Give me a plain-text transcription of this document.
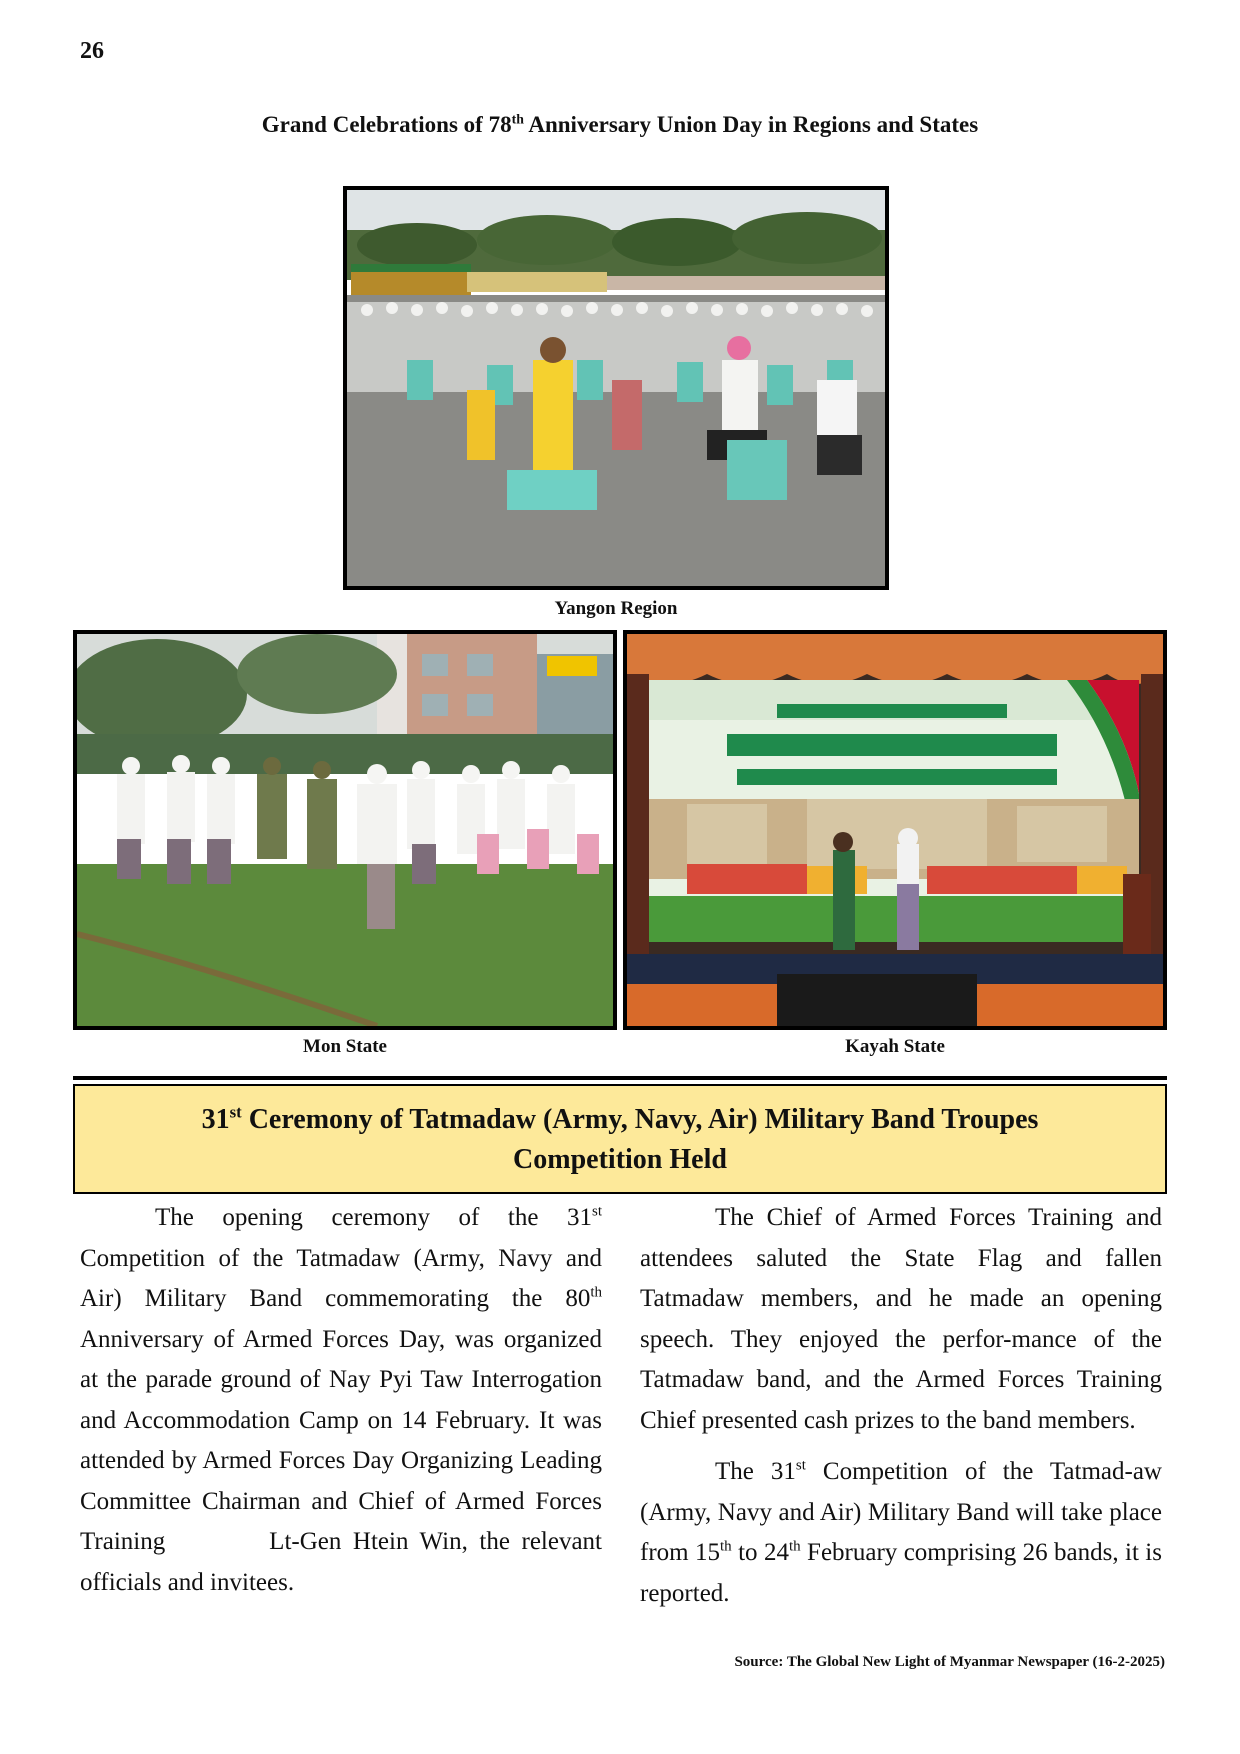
26
Grand Celebrations of 78th Anniversary Union Day in Regions and States
Yangon Region
Mon State	Kayah State
31st Ceremony of Tatmadaw (Army, Navy, Air) Military Band Troupes
Competition Held

The opening ceremony of the 31st Competition of the Tatmadaw (Army, Navy and Air) Military Band commemorating the 80th Anniversary of Armed Forces Day, was organized at the parade ground of Nay Pyi Taw Interrogation and Accommodation Camp on 14 February. It was attended by Armed Forces Day Organizing Leading Committee Chairman and Chief of Armed Forces Training         Lt-Gen Htein Win, the relevant officials and invitees.

The Chief of Armed Forces Training and attendees saluted the State Flag and fallen Tatmadaw members, and he made an opening speech. They enjoyed the perfor-mance of the Tatmadaw band, and the Armed Forces Training Chief presented cash prizes to the band members.

The 31st Competition of the Tatmad-aw (Army, Navy and Air) Military Band will take place from 15th to 24th February comprising 26 bands, it is reported.

Source: The Global New Light of Myanmar Newspaper (16-2-2025)
